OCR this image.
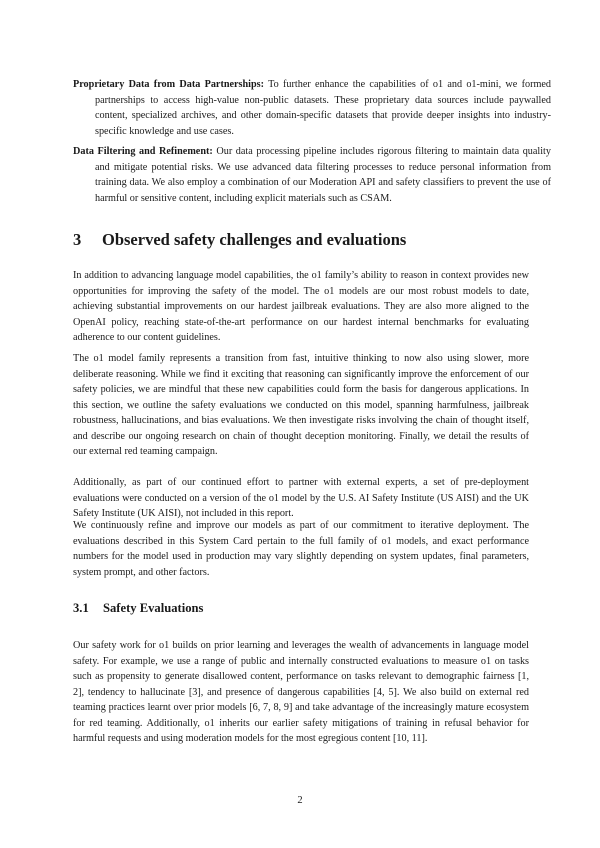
Proprietary Data from Data Partnerships: To further enhance the capabilities of o1 and o1-mini, we formed partnerships to access high-value non-public datasets. These proprietary data sources include paywalled content, specialized archives, and other domain-specific datasets that provide deeper insights into industry-specific knowledge and use cases.
Data Filtering and Refinement: Our data processing pipeline includes rigorous filtering to maintain data quality and mitigate potential risks. We use advanced data filtering processes to reduce personal information from training data. We also employ a combination of our Moderation API and safety classifiers to prevent the use of harmful or sensitive content, including explicit materials such as CSAM.
3 Observed safety challenges and evaluations
In addition to advancing language model capabilities, the o1 family’s ability to reason in context provides new opportunities for improving the safety of the model. The o1 models are our most robust models to date, achieving substantial improvements on our hardest jailbreak evaluations. They are also more aligned to the OpenAI policy, reaching state-of-the-art performance on our hardest internal benchmarks for evaluating adherence to our content guidelines.
The o1 model family represents a transition from fast, intuitive thinking to now also using slower, more deliberate reasoning. While we find it exciting that reasoning can significantly improve the enforcement of our safety policies, we are mindful that these new capabilities could form the basis for dangerous applications. In this section, we outline the safety evaluations we conducted on this model, spanning harmfulness, jailbreak robustness, hallucinations, and bias evaluations. We then investigate risks involving the chain of thought itself, and describe our ongoing research on chain of thought deception monitoring. Finally, we detail the results of our external red teaming campaign.
Additionally, as part of our continued effort to partner with external experts, a set of pre-deployment evaluations were conducted on a version of the o1 model by the U.S. AI Safety Institute (US AISI) and the UK Safety Institute (UK AISI), not included in this report.
We continuously refine and improve our models as part of our commitment to iterative deployment. The evaluations described in this System Card pertain to the full family of o1 models, and exact performance numbers for the model used in production may vary slightly depending on system updates, final parameters, system prompt, and other factors.
3.1 Safety Evaluations
Our safety work for o1 builds on prior learning and leverages the wealth of advancements in language model safety. For example, we use a range of public and internally constructed evaluations to measure o1 on tasks such as propensity to generate disallowed content, performance on tasks relevant to demographic fairness [1, 2], tendency to hallucinate [3], and presence of dangerous capabilities [4, 5]. We also build on external red teaming practices learnt over prior models [6, 7, 8, 9] and take advantage of the increasingly mature ecosystem for red teaming. Additionally, o1 inherits our earlier safety mitigations of training in refusal behavior for harmful requests and using moderation models for the most egregious content [10, 11].
2
